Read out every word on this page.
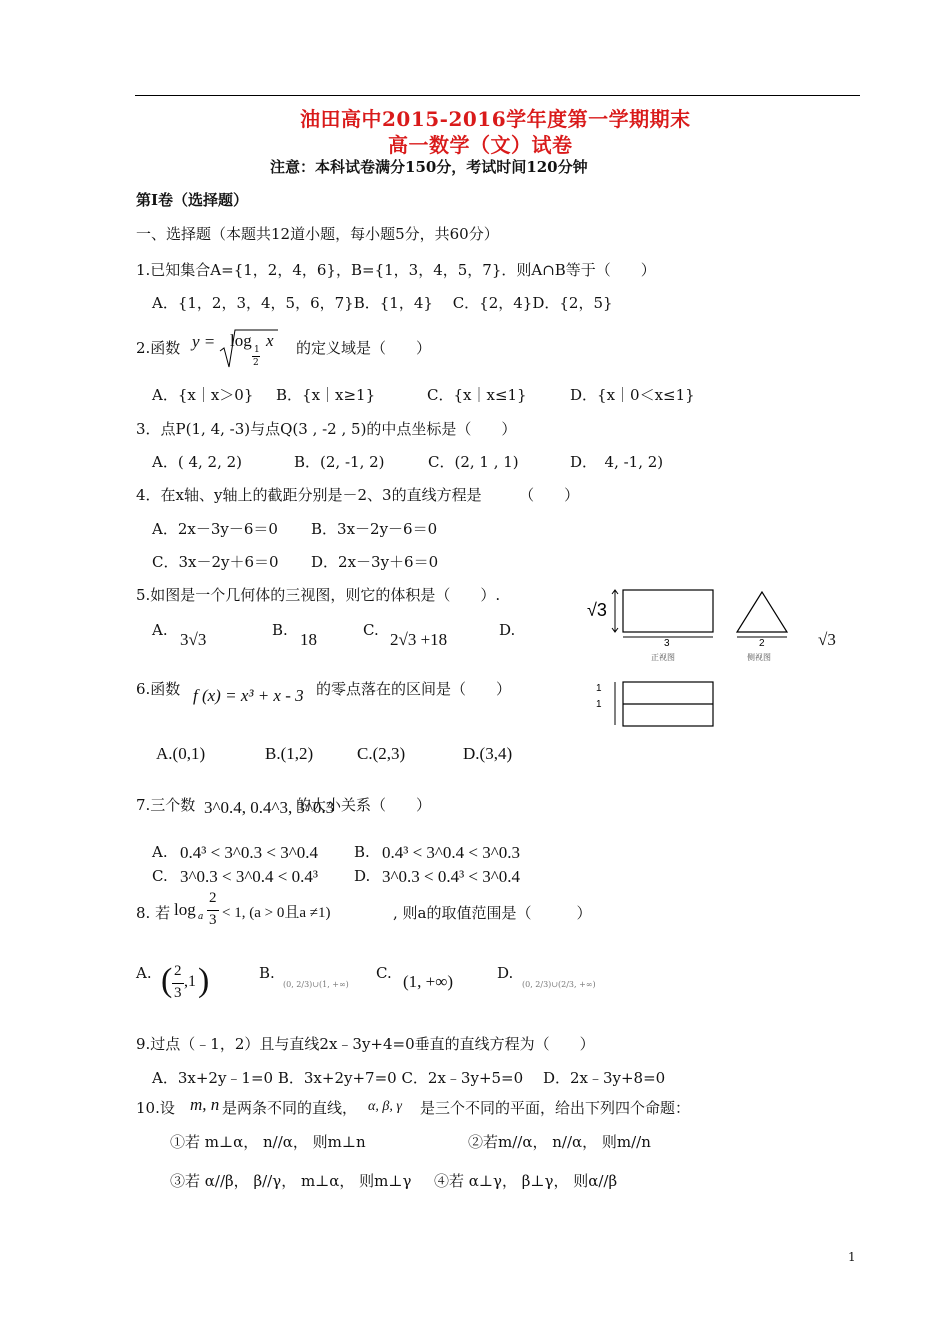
油田高中2015-2016学年度第一学期期末
高一数学（文）试卷
注意：本科试卷满分150分，考试时间120分钟
第Ⅰ卷（选择题）
一、选择题（本题共12道小题，每小题5分，共60分）
1.已知集合A={1，2，4，6}，B={1，3，4，5，7}．则A∩B等于（　　）
A．{1，2，3，4，5，6，7}B．{1，4}　 C．{2，4}D．{2，5}
2.函数 y = log 1
2
x 的定义域是（　　）
A．{x｜x＞0} B．{x｜x≥1}	C．{x｜x≤1}	D．{x｜0＜x≤1}
3．点P(1, 4, -3)与点Q(3 , -2 , 5)的中点坐标是（　　）
A．( 4, 2, 2)	B．(2, -1, 2)	C．(2, 1 , 1)	D．　4, -1, 2)
4．在x轴、y轴上的截距分别是－2、3的直线方程是　　　（　　）
A．2x－3y－6＝0 B．3x－2y－6＝0
C．3x－2y＋6＝0 D．2x－3y＋6＝0
5.如图是一个几何体的三视图，则它的体积是（　　）.
A. 3√3	B. 18	C. 2√3 +18	D.	√3
√3
3
正视图
2
侧视图
1
1
6.函数 f (x) = x³ + x - 3 的零点落在的区间是（　　）
A.(0,1)	B.(1,2)	C.(2,3)	D.(3,4)
7.三个数 3^0.4, 0.4^3, 3^0.3
的大小关系（　　）
A. 0.4³ < 3^0.3 < 3^0.4 B. 0.4³ < 3^0.4 < 3^0.3
C. 3^0.3 < 3^0.4 < 0.4³ D. 3^0.3 < 0.4³ < 3^0.4
8. 若 log a
2
3 < 1, (a > 0且a ≠1)	, 则a的取值范围是（　　　）
A. ( 2
3
,1 )	B.
(0, 2/3)∪(1, +∞)
C. (1, +∞)	D.
(0, 2/3)∪(2/3, +∞)
9.过点（﹣1，2）且与直线2x﹣3y+4=0垂直的直线方程为（　　）
A．3x+2y﹣1=0 B．3x+2y+7=0 C．2x﹣3y+5=0　 D．2x﹣3y+8=0
10.设 m, n 是两条不同的直线， α, β, γ 是三个不同的平面，给出下列四个命题：
①若 m⊥α， n//α， 则m⊥n	②若m//α， n//α， 则m//n
③若 α//β， β//γ， m⊥α， 则m⊥γ ④若 α⊥γ， β⊥γ， 则α//β
1
